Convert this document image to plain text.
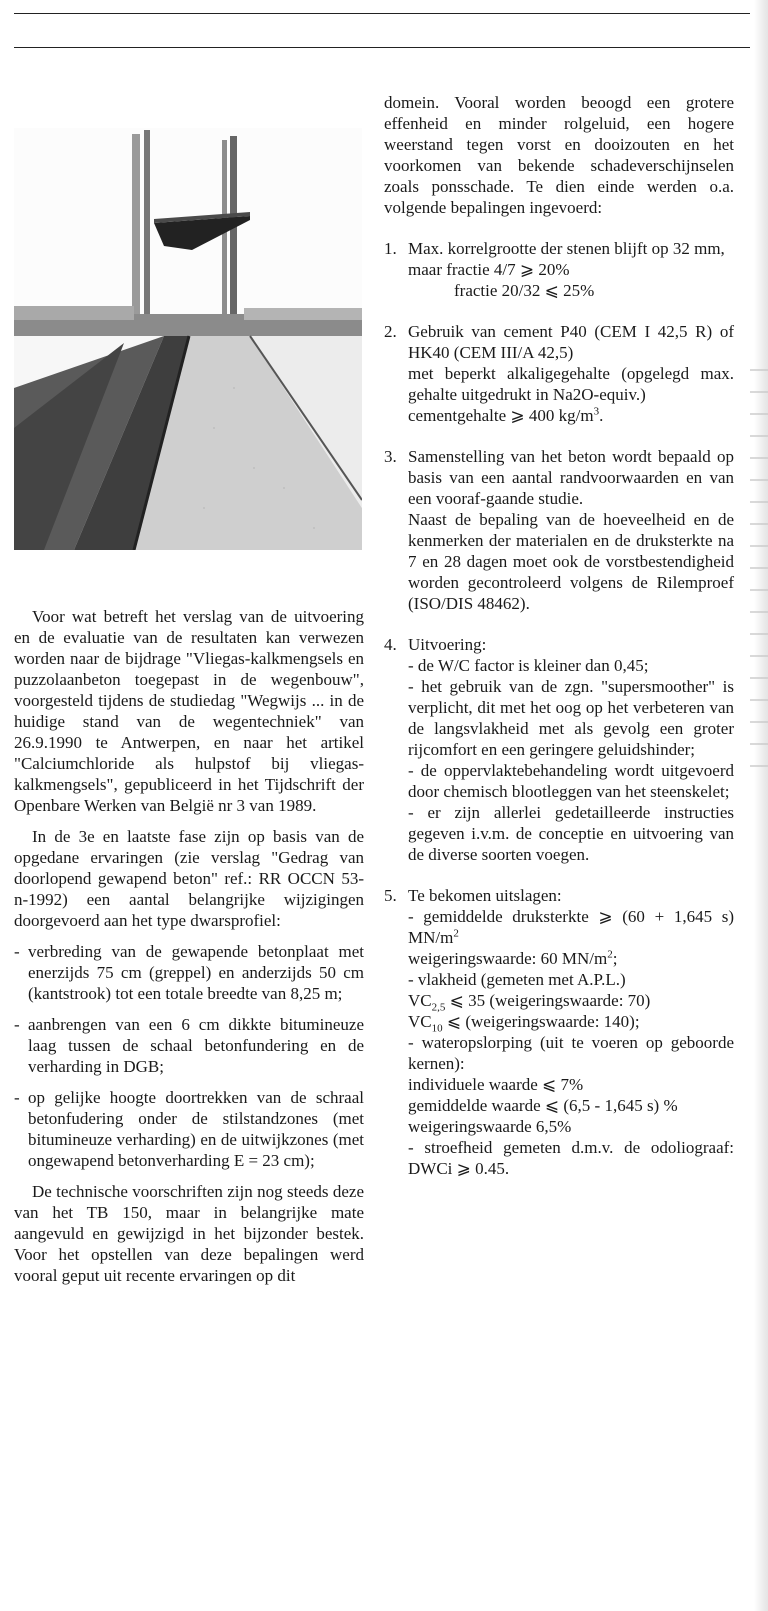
Voor wat betreft het verslag van de uitvoering en de evaluatie van de resultaten kan verwezen worden naar de bijdrage "Vliegas-kalkmengsels en puzzolaanbeton toegepast in de wegenbouw", voorgesteld tijdens de studiedag "Wegwijs ... in de huidige stand van de wegentechniek" van 26.9.1990 te Antwerpen, en naar het artikel "Calciumchloride als hulpstof bij vliegas-kalkmengsels", gepubliceerd in het Tijdschrift der Openbare Werken van België nr 3 van 1989.

In de 3e en laatste fase zijn op basis van de opgedane ervaringen (zie verslag "Gedrag van doorlopend gewapend beton" ref.: RR OCCN 53-n-1992) een aantal belangrijke wijzigingen doorgevoerd aan het type dwarsprofiel:

- verbreding van de gewapende betonplaat met enerzijds 75 cm (greppel) en anderzijds 50 cm (kantstrook) tot een totale breedte van 8,25 m;
- aanbrengen van een 6 cm dikkte bitumineuze laag tussen de schaal betonfundering en de verharding in DGB;
- op gelijke hoogte doortrekken van de schraal betonfudering onder de stilstandzones (met bitumineuze verharding) en de uitwijkzones (met ongewapend betonverharding E = 23 cm);

De technische voorschriften zijn nog steeds deze van het TB 150, maar in belangrijke mate aangevuld en gewijzigd in het bijzonder bestek. Voor het opstellen van deze bepalingen werd vooral geput uit recente ervaringen op dit

domein. Vooral worden beoogd een grotere effenheid en minder rolgeluid, een hogere weerstand tegen vorst en dooizouten en het voorkomen van bekende schadeverschijnselen zoals ponsschade. Te dien einde werden o.a. volgende bepalingen ingevoerd:

1. Max. korrelgrootte der stenen blijft op 32 mm,
maar fractie 4/7 ⩾ 20%
fractie 20/32 ⩽ 25%
2. Gebruik van cement P40 (CEM I 42,5 R) of HK40 (CEM III/A 42,5)
met beperkt alkaligegehalte (opgelegd max. gehalte uitgedrukt in Na2O-equiv.)
cementgehalte ⩾ 400 $kg/m^3$.
3. Samenstelling van het beton wordt bepaald op basis van een aantal randvoorwaarden en van een vooraf-gaande studie.
Naast de bepaling van de hoeveelheid en de kenmerken der materialen en de druksterkte na 7 en 28 dagen moet ook de vorstbestendigheid worden gecontroleerd volgens de Rilemproef (ISO/DIS 48462).
4. Uitvoering:
- de W/C factor is kleiner dan 0,45;
- het gebruik van de zgn. "supersmoother" is verplicht, dit met het oog op het verbeteren van de langsvlakheid met als gevolg een groter rijcomfort en een geringere geluidshinder;
- de oppervlaktebehandeling wordt uitgevoerd door chemisch blootleggen van het steenskelet;
- er zijn allerlei gedetailleerde instructies gegeven i.v.m. de conceptie en uitvoering van de diverse soorten voegen.
5. Te bekomen uitslagen:
- gemiddelde druksterkte ⩾ (60 + 1,645 s) $MN/m^2$
weigeringswaarde: 60 $MN/m^2$;
- vlakheid (gemeten met A.P.L.)
$VC_{2,5}$ ⩽ 35 (weigeringswaarde: 70)
$VC_{10}$ ⩽ (weigeringswaarde: 140);
- wateropslorping (uit te voeren op geboorde kernen):
individuele waarde ⩽ 7%
gemiddelde waarde ⩽ (6,5 - 1,645 s) %
weigeringswaarde 6,5%
- stroefheid gemeten d.m.v. de odoliograaf: DWCi ⩾ 0.45.
